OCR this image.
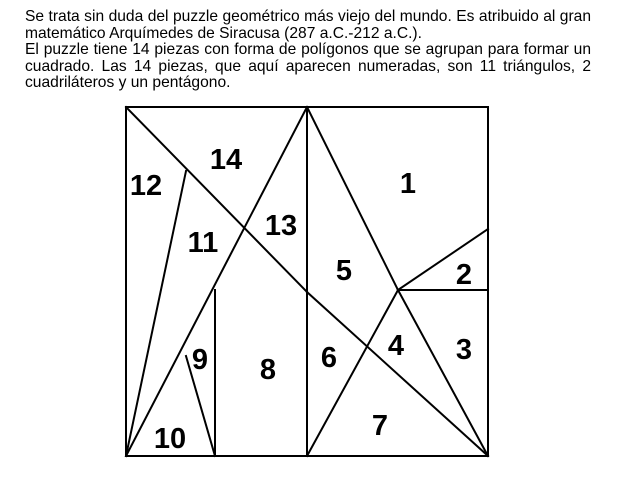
Se trata sin duda del puzzle geométrico más viejo del mundo. Es atribuido al gran matemático Arquímedes de Siracusa (287 a.C.-212 a.C.).

El puzzle tiene 14 piezas con forma de polígonos que se agrupan para formar un cuadrado. Las 14 piezas, que aquí aparecen numeradas, son 11 triángulos, 2 cuadriláteros y un pentágono.

1
2
3
4
5
6
7
8
9
10
11
12
13
14
